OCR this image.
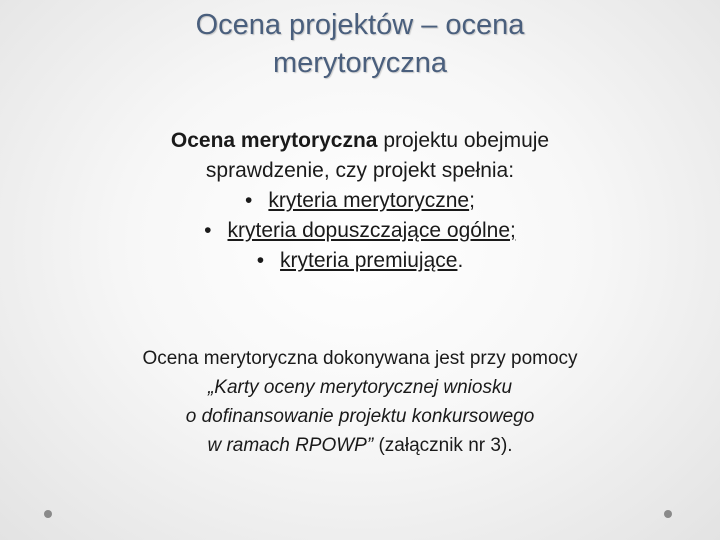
Ocena projektów – ocena
merytoryczna
Ocena merytoryczna projektu obejmuje
sprawdzenie, czy projekt spełnia:
• kryteria merytoryczne;
• kryteria dopuszczające ogólne;
• kryteria premiujące.
Ocena merytoryczna dokonywana jest przy pomocy
„Karty oceny merytorycznej wniosku
o dofinansowanie projektu konkursowego
w ramach RPOWP” (załącznik nr 3).
